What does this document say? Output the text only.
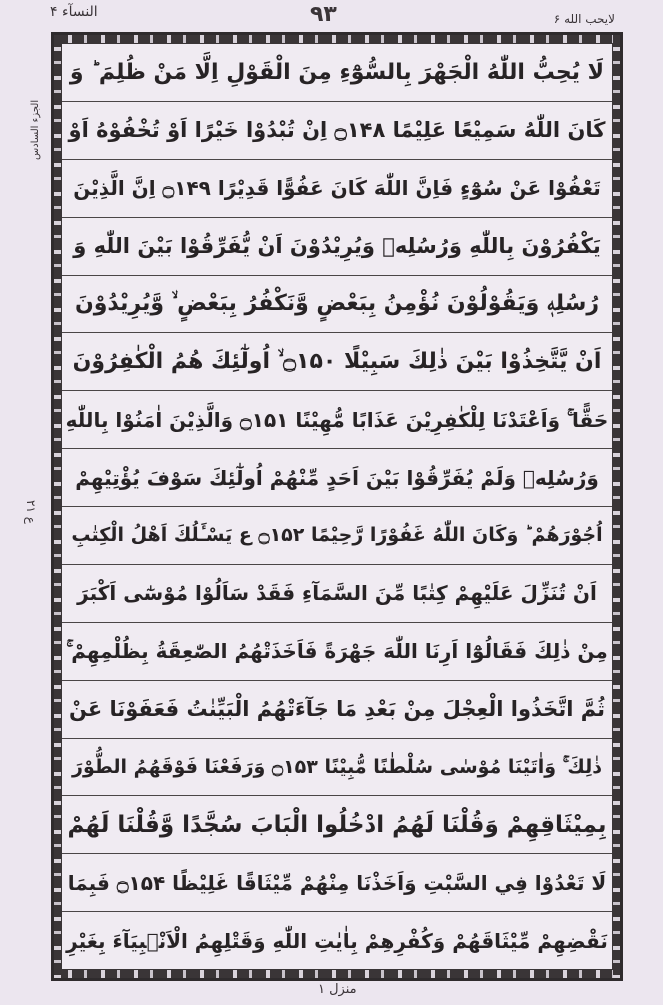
لایحب الله ۶
۹۳
النسآء ۴
الجزء السادس
ع ۲۱
لَا يُحِبُّ اللّٰهُ الْجَهْرَ بِالسُّوْٓءِ مِنَ الْقَوْلِ اِلَّا مَنْ ظُلِمَ ؕ وَ
كَانَ اللّٰهُ سَمِيْعًا عَلِيْمًا ۝۱۴۸ اِنْ تُبْدُوْا خَيْرًا اَوْ تُخْفُوْهُ اَوْ
تَعْفُوْا عَنْ سُوْٓءٍ فَاِنَّ اللّٰهَ كَانَ عَفُوًّا قَدِيْرًا ۝۱۴۹ اِنَّ الَّذِيْنَ
يَكْفُرُوْنَ بِاللّٰهِ وَرُسُلِهٖ وَيُرِيْدُوْنَ اَنْ يُّفَرِّقُوْا بَيْنَ اللّٰهِ وَ
رُسُلِهٖ وَيَقُوْلُوْنَ نُؤْمِنُ بِبَعْضٍ وَّنَكْفُرُ بِبَعْضٍ ۙ وَّيُرِيْدُوْنَ
اَنْ يَّتَّخِذُوْا بَيْنَ ذٰلِكَ سَبِيْلًا ۝۱۵۰ ۙ اُولٰٓئِكَ هُمُ الْكٰفِرُوْنَ
حَقًّا ۚ وَاَعْتَدْنَا لِلْكٰفِرِيْنَ عَذَابًا مُّهِيْنًا ۝۱۵۱ وَالَّذِيْنَ اٰمَنُوْا بِاللّٰهِ
وَرُسُلِهٖ وَلَمْ يُفَرِّقُوْا بَيْنَ اَحَدٍ مِّنْهُمْ اُولٰٓئِكَ سَوْفَ يُؤْتِيْهِمْ
اُجُوْرَهُمْ ؕ وَكَانَ اللّٰهُ غَفُوْرًا رَّحِيْمًا ۝۱۵۲ ع يَسْـَٔلُكَ اَهْلُ الْكِتٰبِ
اَنْ تُنَزِّلَ عَلَيْهِمْ كِتٰبًا مِّنَ السَّمَآءِ فَقَدْ سَاَلُوْا مُوْسٰٓى اَكْبَرَ
مِنْ ذٰلِكَ فَقَالُوْٓا اَرِنَا اللّٰهَ جَهْرَةً فَاَخَذَتْهُمُ الصّٰعِقَةُ بِظُلْمِهِمْ ۚ
ثُمَّ اتَّخَذُوا الْعِجْلَ مِنْ بَعْدِ مَا جَآءَتْهُمُ الْبَيِّنٰتُ فَعَفَوْنَا عَنْ
ذٰلِكَ ۚ وَاٰتَيْنَا مُوْسٰى سُلْطٰنًا مُّبِيْنًا ۝۱۵۳ وَرَفَعْنَا فَوْقَهُمُ الطُّوْرَ
بِمِيْثَاقِهِمْ وَقُلْنَا لَهُمُ ادْخُلُوا الْبَابَ سُجَّدًا وَّقُلْنَا لَهُمْ
لَا تَعْدُوْا فِي السَّبْتِ وَاَخَذْنَا مِنْهُمْ مِّيْثَاقًا غَلِيْظًا ۝۱۵۴ فَبِمَا
نَقْضِهِمْ مِّيْثَاقَهُمْ وَكُفْرِهِمْ بِاٰيٰتِ اللّٰهِ وَقَتْلِهِمُ الْاَنْۢبِيَآءَ بِغَيْرِ
منزل ۱
